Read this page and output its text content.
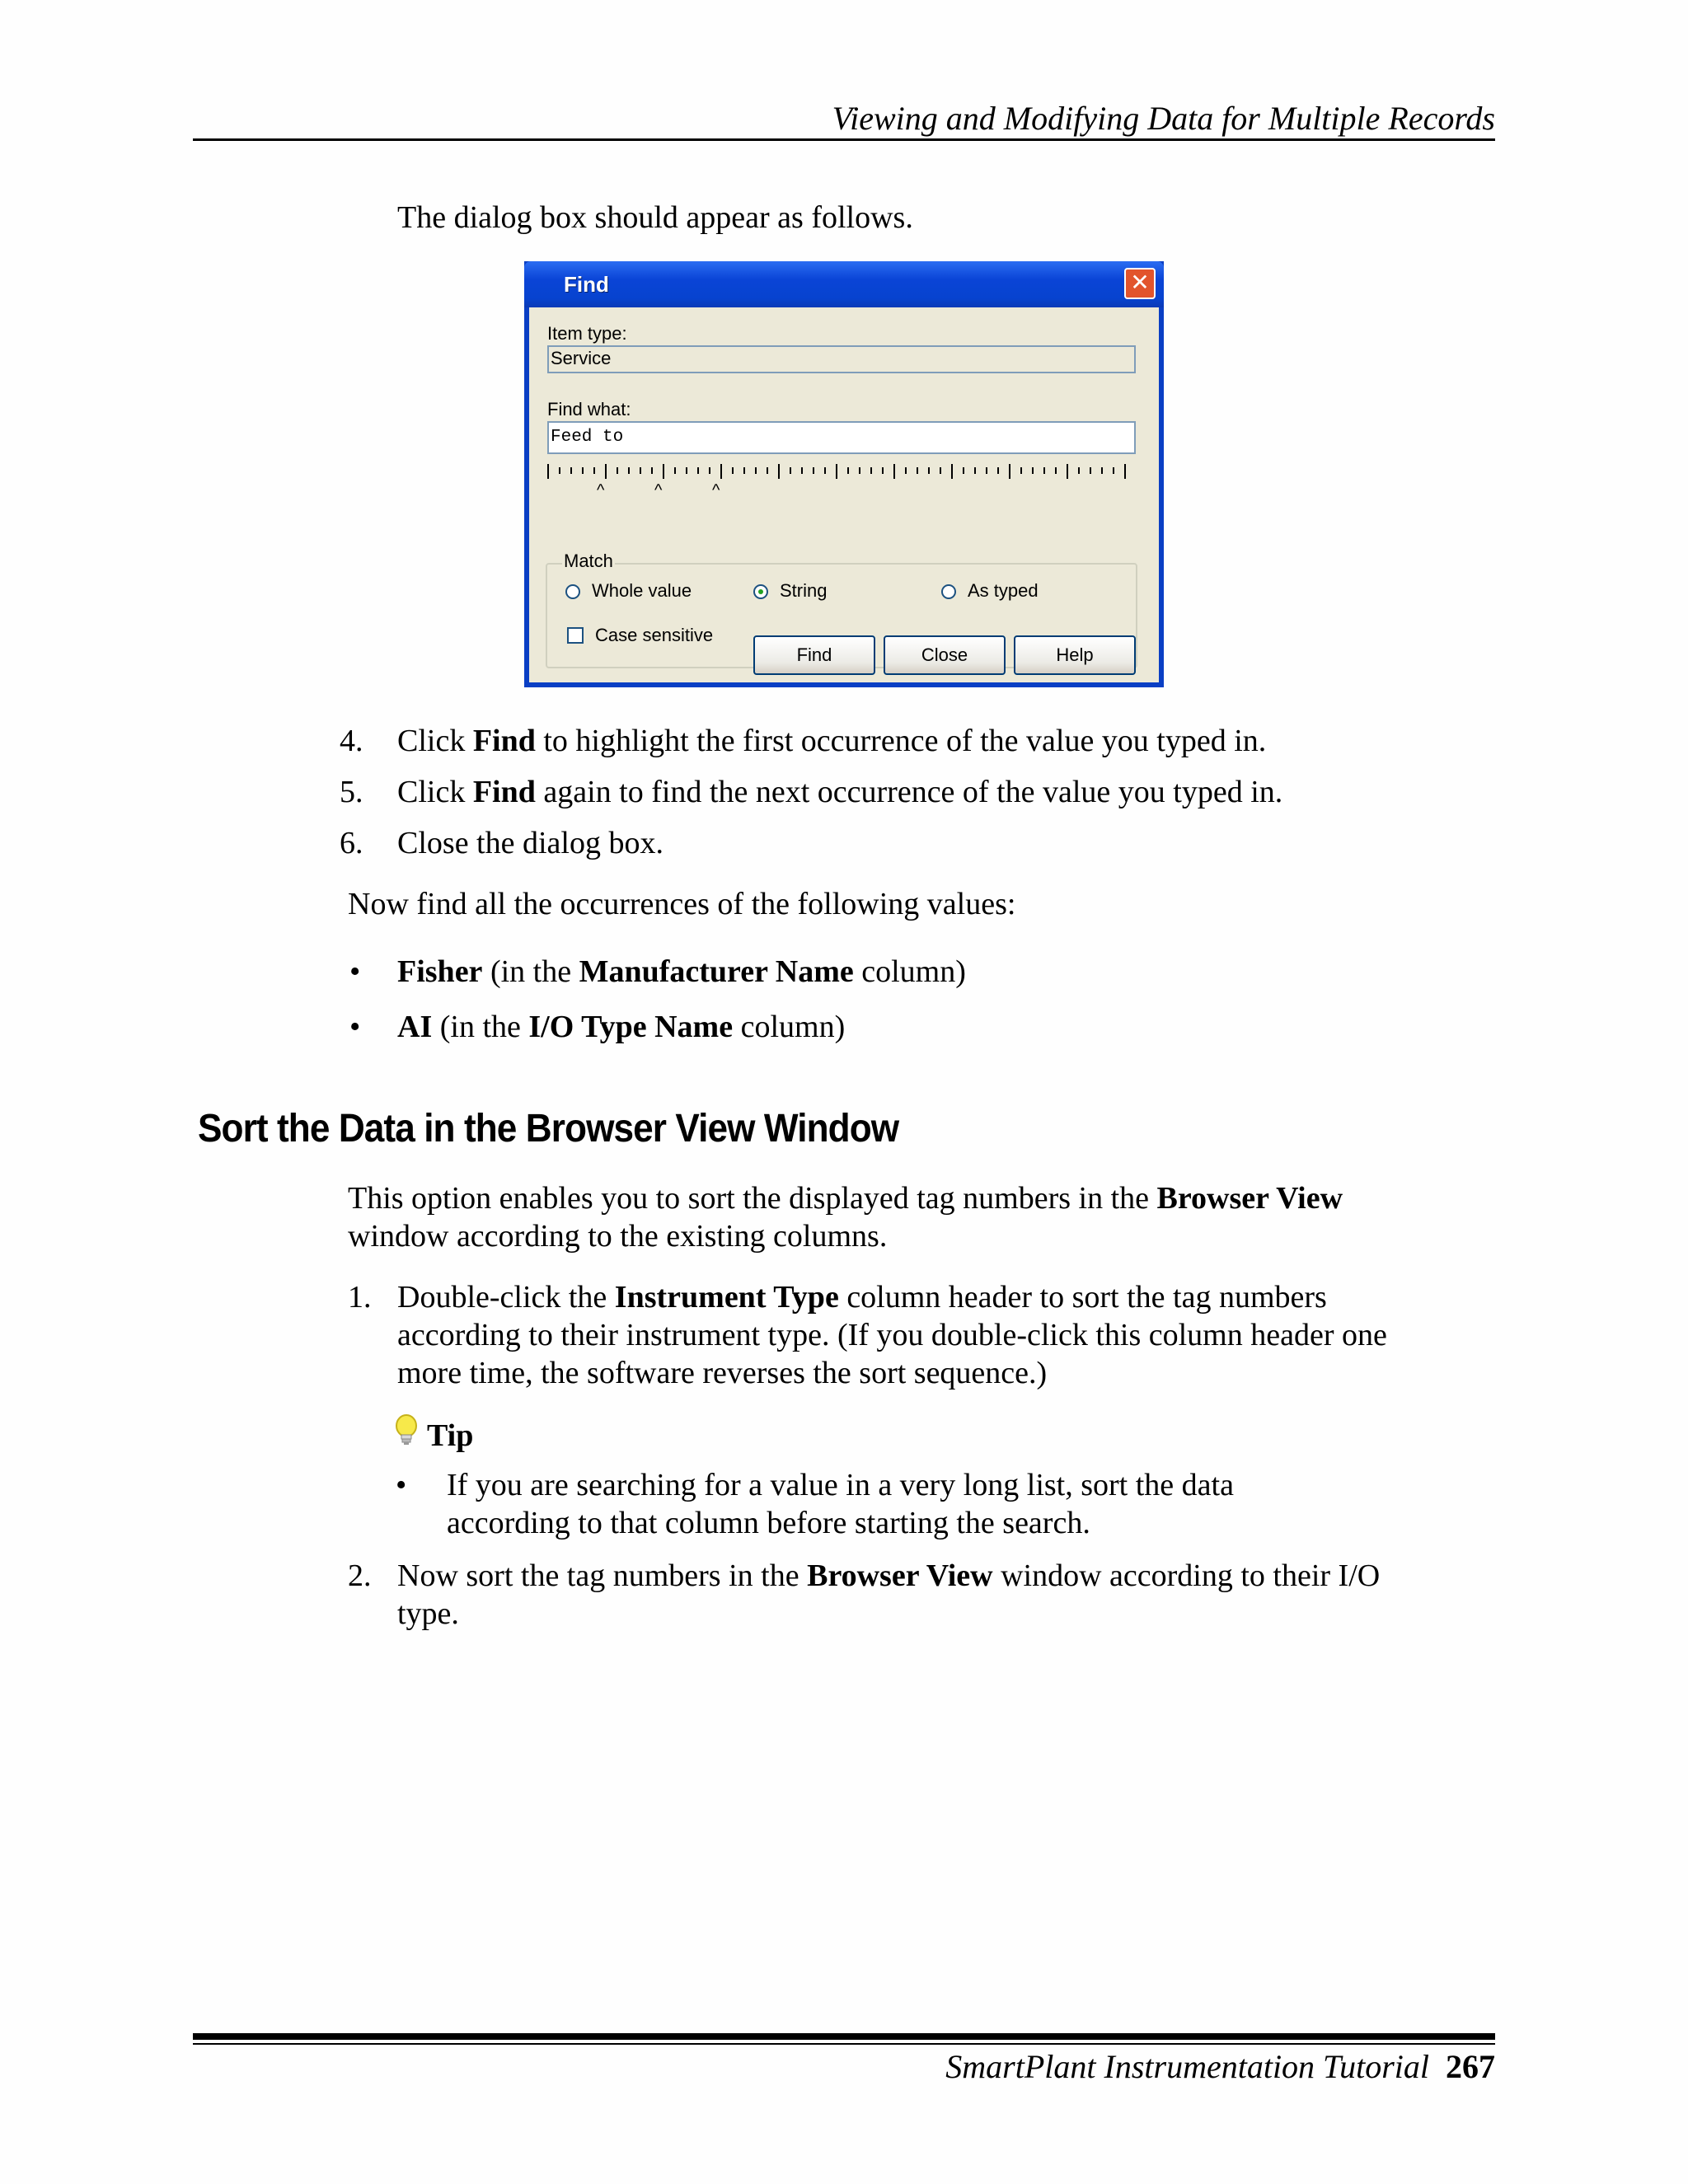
Viewing and Modifying Data for Multiple Records
The dialog box should appear as follows.
Find	✕
Item type:
Service
Find what:
Feed to
^	^	^
Match
Whole value	String	As typed
Case sensitive
Find	Close	Help
4. Click Find to highlight the first occurrence of the value you typed in.
5. Click Find again to find the next occurrence of the value you typed in.
6. Close the dialog box.
Now find all the occurrences of the following values:
• Fisher (in the Manufacturer Name column)
• AI (in the I/O Type Name column)
Sort the Data in the Browser View Window
This option enables you to sort the displayed tag numbers in the Browser View
window according to the existing columns.
1. Double-click the Instrument Type column header to sort the tag numbers
according to their instrument type. (If you double-click this column header one
more time, the software reverses the sort sequence.)
Tip
• If you are searching for a value in a very long list, sort the data
according to that column before starting the search.
2. Now sort the tag numbers in the Browser View window according to their I/O
type.
SmartPlant Instrumentation Tutorial 267
